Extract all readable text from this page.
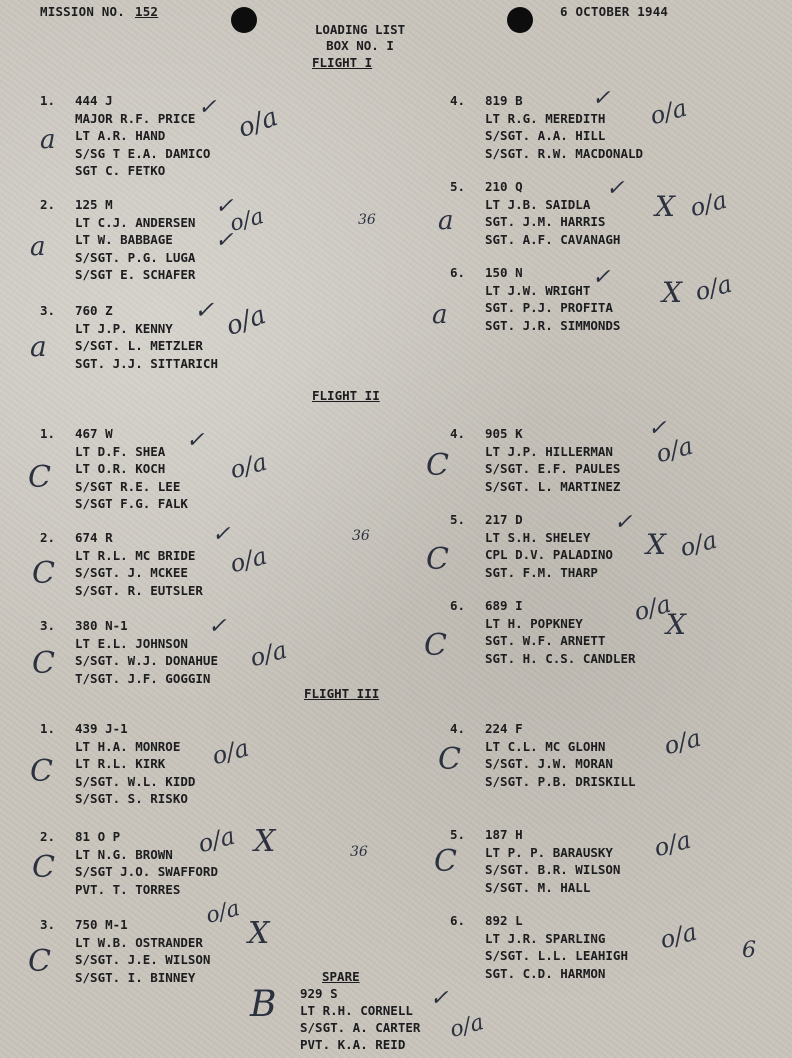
MISSION NO. 152	6 OCTOBER 1944
LOADING LIST
BOX NO. I
FLIGHT I
FLIGHT II
FLIGHT III
1. 444 J
MAJOR R.F. PRICE
LT A.R. HAND
S/SG T E.A. DAMICO
SGT C. FETKO
2. 125 M
LT C.J. ANDERSEN
LT W. BABBAGE
S/SGT. P.G. LUGA
S/SGT E. SCHAFER
3. 760 Z
LT J.P. KENNY
S/SGT. L. METZLER
SGT. J.J. SITTARICH
4. 819 B
LT R.G. MEREDITH
S/SGT. A.A. HILL
S/SGT. R.W. MACDONALD
5. 210 Q
LT J.B. SAIDLA
SGT. J.M. HARRIS
SGT. A.F. CAVANAGH
6. 150 N
LT J.W. WRIGHT
SGT. P.J. PROFITA
SGT. J.R. SIMMONDS
1. 467 W
LT D.F. SHEA
LT O.R. KOCH
S/SGT R.E. LEE
S/SGT F.G. FALK
2. 674 R
LT R.L. MC BRIDE
S/SGT. J. MCKEE
S/SGT. R. EUTSLER
3. 380 N-1
LT E.L. JOHNSON
S/SGT. W.J. DONAHUE
T/SGT. J.F. GOGGIN
4. 905 K
LT J.P. HILLERMAN
S/SGT. E.F. PAULES
S/SGT. L. MARTINEZ
5. 217 D
LT S.H. SHELEY
CPL D.V. PALADINO
SGT. F.M. THARP
6. 689 I
LT H. POPKNEY
SGT. W.F. ARNETT
SGT. H. C.S. CANDLER
1. 439 J-1
LT H.A. MONROE
LT R.L. KIRK
S/SGT. W.L. KIDD
S/SGT. S. RISKO
2. 81 O P
LT N.G. BROWN
S/SGT J.O. SWAFFORD
PVT. T. TORRES
3. 750 M-1
LT W.B. OSTRANDER
S/SGT. J.E. WILSON
S/SGT. I. BINNEY
4. 224 F
LT C.L. MC GLOHN
S/SGT. J.W. MORAN
S/SGT. P.B. DRISKILL
5. 187 H
LT P. P. BARAUSKY
S/SGT. B.R. WILSON
S/SGT. M. HALL
6. 892 L
LT J.R. SPARLING
S/SGT. L.L. LEAHIGH
SGT. C.D. HARMON
SPARE
929 S
LT R.H. CORNELL
S/SGT. A. CARTER
PVT. K.A. REID
✓ o/a
a
✓
✓
o/a
a
36
✓ o/a
a
✓ o/a
✓
a	X o/a
✓
a
X o/a
✓
o/a
C
✓
o/a
C
36
✓
o/a
C
✓
o/a
C
✓
X o/a
C
o/a
X
C
o/a
C
o/a X
C	36
o/a
X
C
o/a
C
o/a
C
o/a 6
B	✓
o/a
